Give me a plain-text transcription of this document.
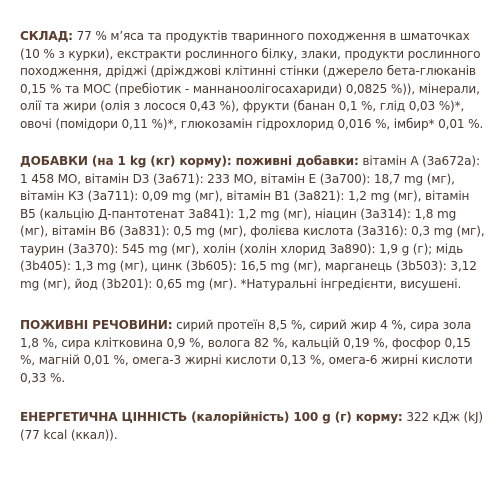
СКЛАД: 77 % м’яса та продуктів тваринного походження в шматочках (10 % з курки), екстракти рослинного білку, злаки, продукти рослинного походження, дріджі (дріжджові клітинні стінки (джерело бета-глюканів 0,15 % та МОС (пребіотик - маннаноолігосахариди) 0,0825 %)), мінерали, олії та жири (олія з лосося 0,43 %), фрукти (банан 0,1 %, глід 0,03 %)*, овочі (помідори 0,11 %)*, глюкозамін гідрохлорид 0,016 %, імбир* 0,01 %.

ДОБАВКИ (на 1 kg (кг) корму): поживні добавки: вітамін А (3a672a): 1 458 МО, вітамін D3 (3a671): 233 МО, вітамін Е (3a700): 18,7 mg (мг), вітамін К3 (3a711): 0,09 mg (мг), вітамін В1 (3a821): 1,2 mg (мг), вітамін В5 (кальцію Д-пантотенат 3a841): 1,2 mg (мг), ніацин (3a314): 1,8 mg (мг), вітамін В6 (3a831): 0,5 mg (мг), фолієва кислота (3a316): 0,3 mg (мг), таурин (3a370): 545 mg (мг), холін (холін хлорид 3a890): 1,9 g (г); мідь (3b405): 1,3 mg (мг), цинк (3b605): 16,5 mg (мг), марганець (3b503): 3,12 mg (мг), йод (3b201): 0,65 mg (мг). *Натуральні інгредієнти, висушені.

ПОЖИВНІ РЕЧОВИНИ: сирий протеїн 8,5 %, сирий жир 4 %, сира зола 1,8 %, сира клітковина 0,9 %, волога 82 %, кальцій 0,19 %, фосфор 0,15 %, магній 0,01 %, омега-3 жирні кислоти 0,13 %, омега-6 жирні кислоти 0,33 %.

ЕНЕРГЕТИЧНА ЦІННІСТЬ (калорійність) 100 g (г) корму: 322 кДж (kJ) (77 kcal (ккал)).
